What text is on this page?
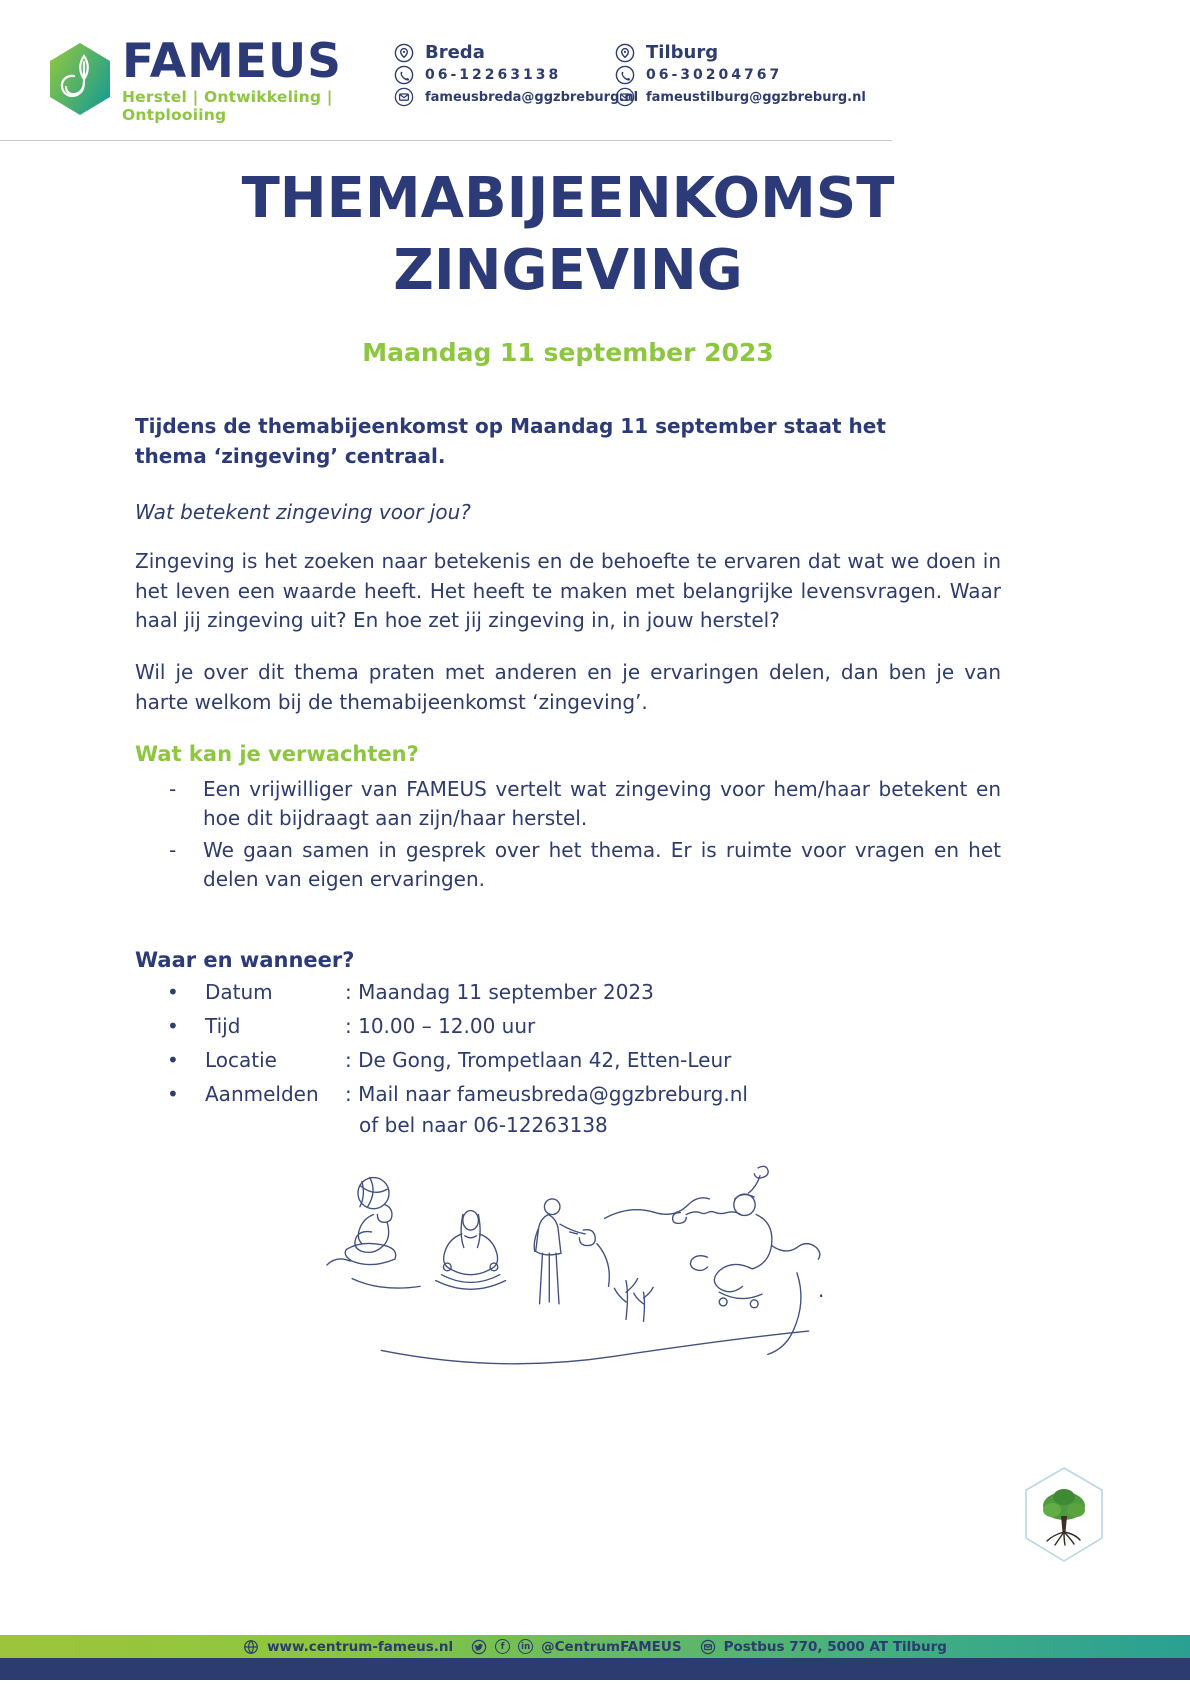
FAMEUS
Herstel | Ontwikkeling | Ontplooiing
Breda
06-12263138
fameusbreda@ggzbreburg.nl
Tilburg
06-30204767
fameustilburg@ggzbreburg.nl
THEMABIJEENKOMST
ZINGEVING
Maandag 11 september 2023
Tijdens de themabijeenkomst op Maandag 11 september staat het thema ‘zingeving’ centraal.
Wat betekent zingeving voor jou?
Zingeving is het zoeken naar betekenis en de behoefte te ervaren dat wat we doen in het leven een waarde heeft. Het heeft te maken met belangrijke levensvragen. Waar haal jij zingeving uit? En hoe zet jij zingeving in, in jouw herstel?
Wil je over dit thema praten met anderen en je ervaringen delen, dan ben je van harte welkom bij de themabijeenkomst ‘zingeving’.
Wat kan je verwachten?
-	Een vrijwilliger van FAMEUS vertelt wat zingeving voor hem/haar betekent en hoe dit bijdraagt aan zijn/haar herstel.
-	We gaan samen in gesprek over het thema. Er is ruimte voor vragen en het delen van eigen ervaringen.
Waar en wanneer?
•	Datum	: Maandag 11 september 2023
•	Tijd	: 10.00 – 12.00 uur
•	Locatie	: De Gong, Trompetlaan 42, Etten-Leur
•	Aanmelden	: Mail naar fameusbreda@ggzbreburg.nl
of bel naar 06-12263138
.
www.centrum-fameus.nl	f in @CentrumFAMEUS	Postbus 770, 5000 AT Tilburg
